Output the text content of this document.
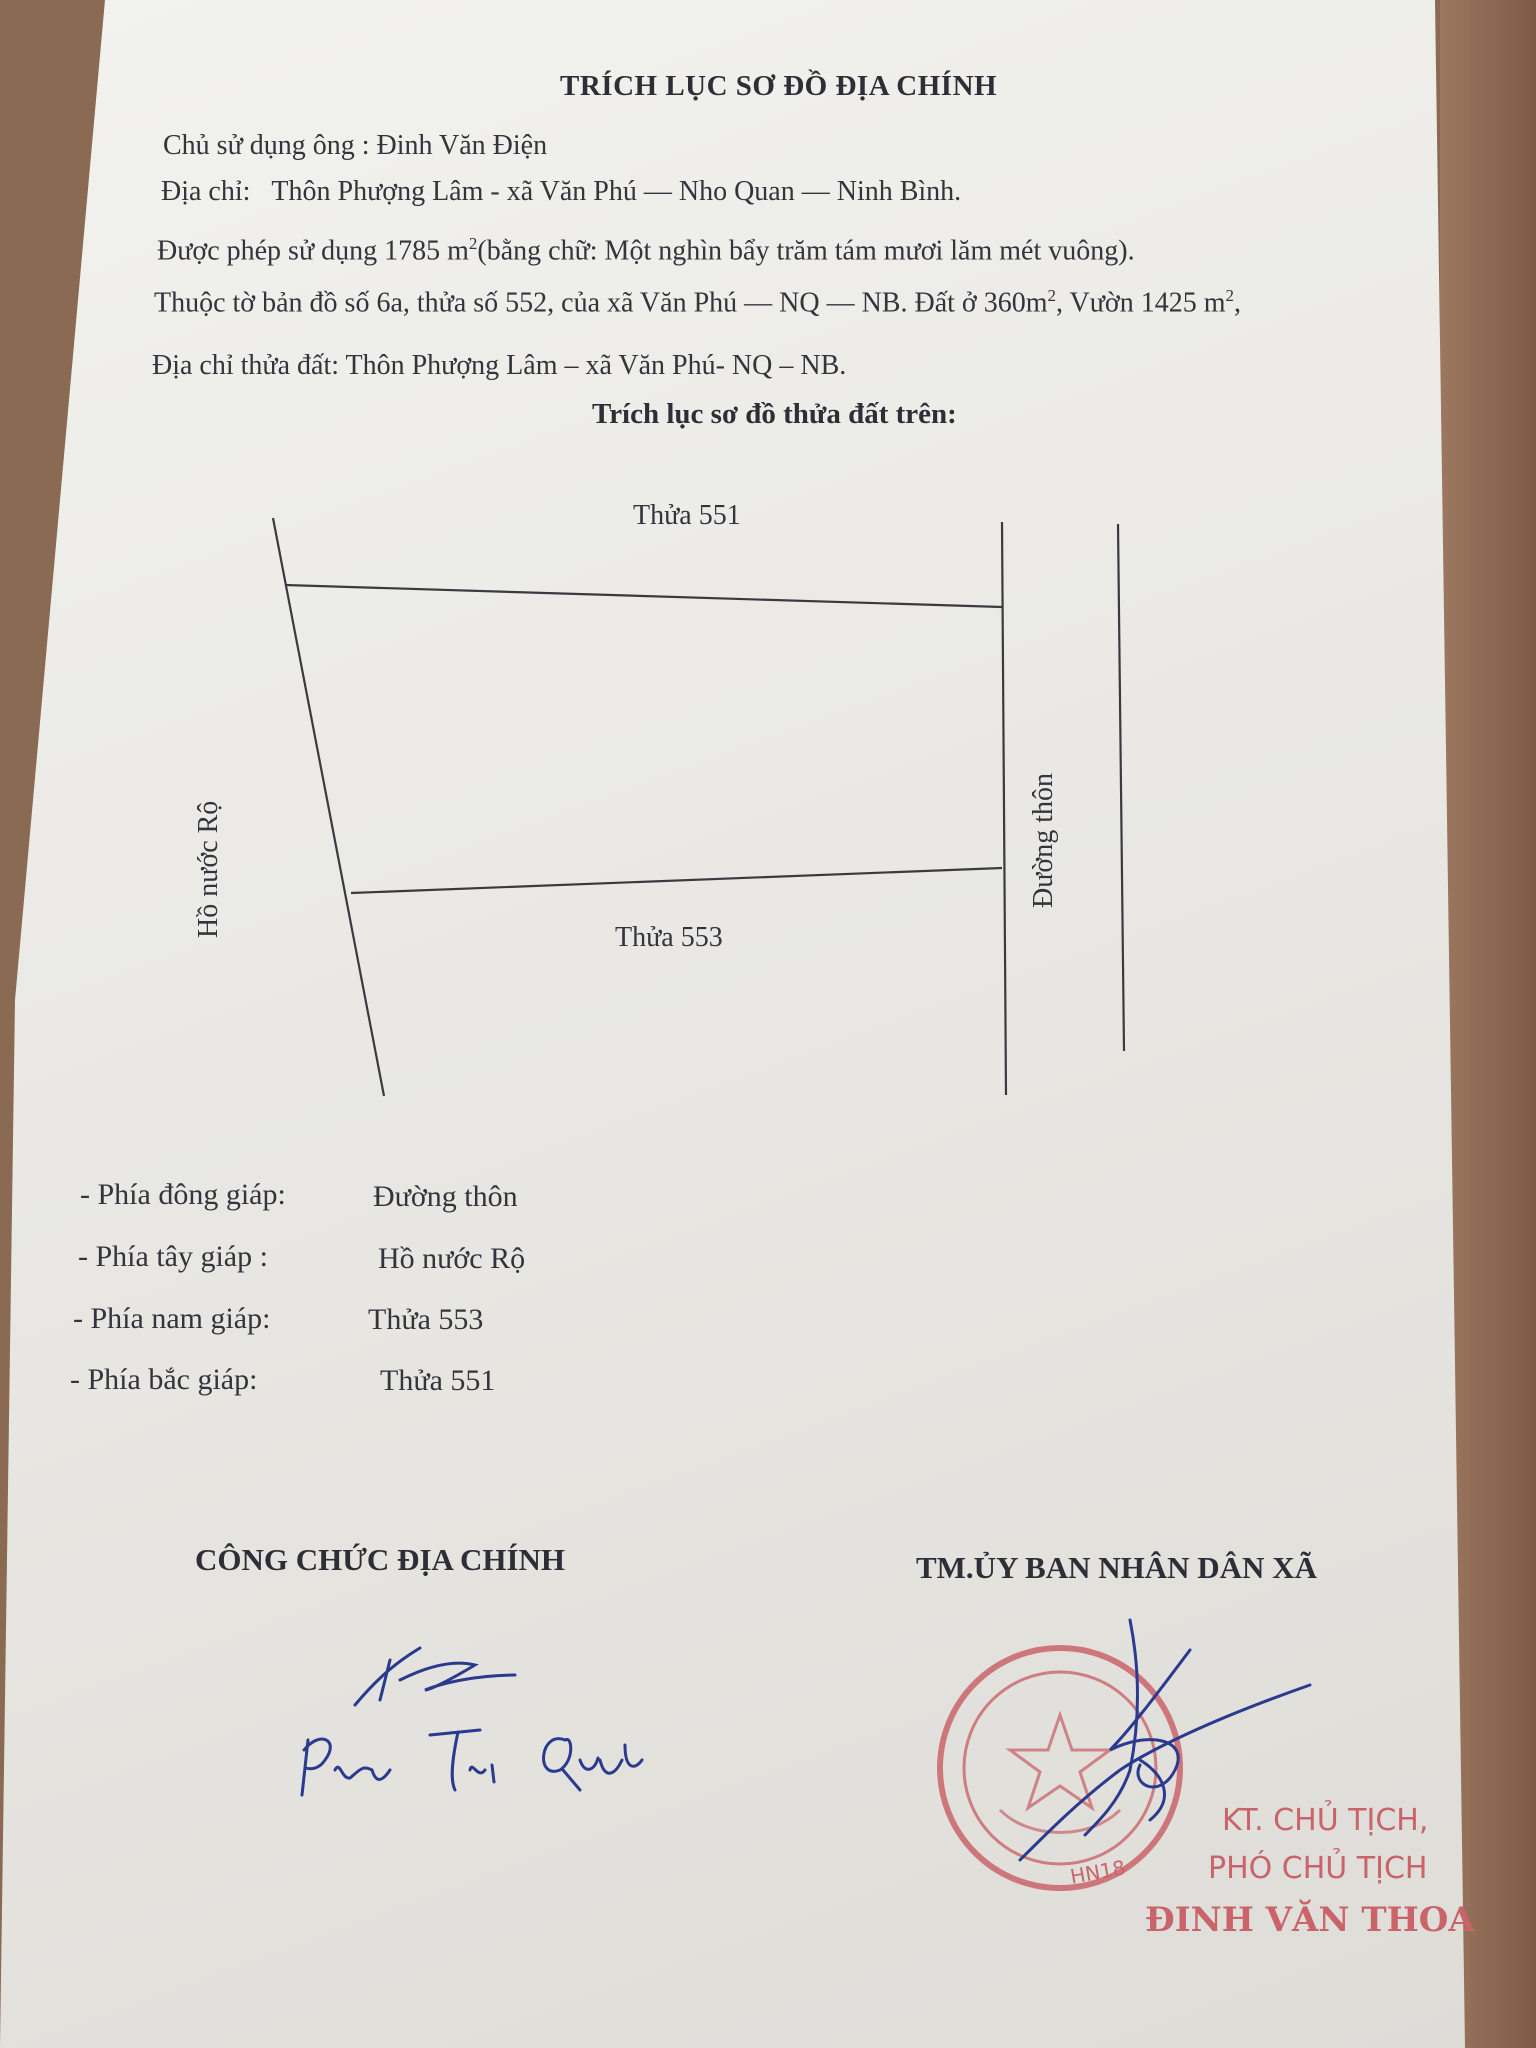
TRÍCH LỤC SƠ ĐỒ ĐỊA CHÍNH
Chủ sử dụng ông : Đinh Văn Điện
Địa chỉ: Thôn Phượng Lâm - xã Văn Phú — Nho Quan — Ninh Bình.
Được phép sử dụng 1785 $m^2(bằng$ chữ: Một nghìn bẩy trăm tám mươi lăm mét vuông).
Thuộc tờ bản đồ số 6a, thửa số 552, của xã Văn Phú — NQ — NB. Đất ở $360m^2$, Vườn 1425 $m^2$,
Địa chỉ thửa đất: Thôn Phượng Lâm – xã Văn Phú- NQ – NB.
Trích lục sơ đồ thửa đất trên:
Thửa 551
Thửa 553
Hồ nước Rộ	Đường thôn
- Phía đông giáp:	Đường thôn
- Phía tây giáp :	Hồ nước Rộ
- Phía nam giáp:	Thửa 553
- Phía bắc giáp:	Thửa 551
CÔNG CHỨC ĐỊA CHÍNH	TM.ỦY BAN NHÂN DÂN XÃ
HN18
KT. CHỦ TỊCH,
PHÓ CHỦ TỊCH
ĐINH VĂN THOA
